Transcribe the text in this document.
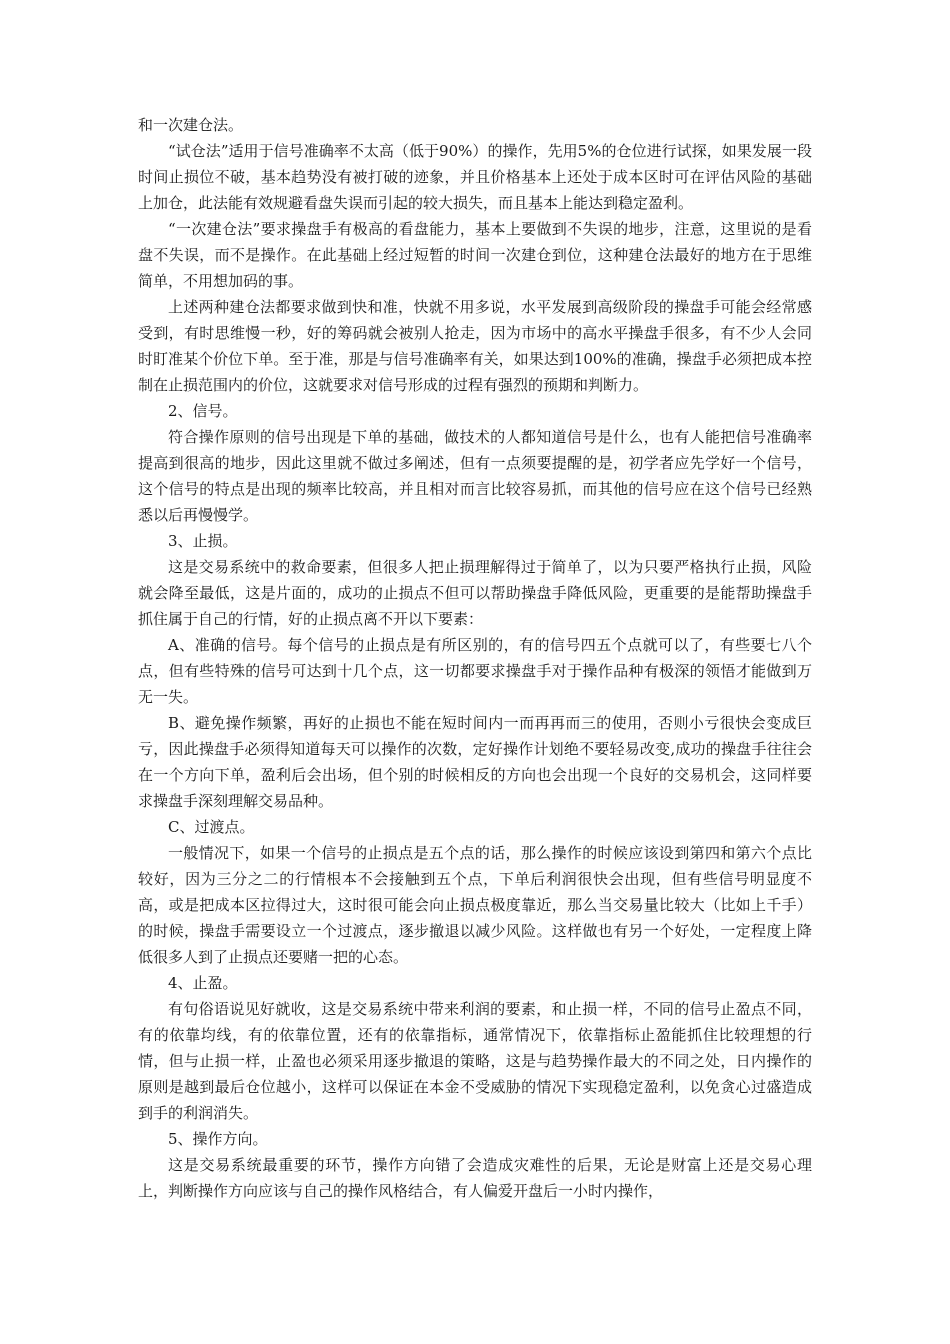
和一次建仓法。

“试仓法”适用于信号准确率不太高（低于90%）的操作，先用5%的仓位进行试探，如果发展一段时间止损位不破，基本趋势没有被打破的迹象，并且价格基本上还处于成本区时可在评估风险的基础上加仓，此法能有效规避看盘失误而引起的较大损失，而且基本上能达到稳定盈利。

“一次建仓法”要求操盘手有极高的看盘能力，基本上要做到不失误的地步，注意，这里说的是看盘不失误，而不是操作。在此基础上经过短暂的时间一次建仓到位，这种建仓法最好的地方在于思维简单，不用想加码的事。

上述两种建仓法都要求做到快和准，快就不用多说，水平发展到高级阶段的操盘手可能会经常感受到，有时思维慢一秒，好的筹码就会被别人抢走，因为市场中的高水平操盘手很多，有不少人会同时盯准某个价位下单。至于准，那是与信号准确率有关，如果达到100%的准确，操盘手必须把成本控制在止损范围内的价位，这就要求对信号形成的过程有强烈的预期和判断力。

2、信号。

符合操作原则的信号出现是下单的基础，做技术的人都知道信号是什么，也有人能把信号准确率提高到很高的地步，因此这里就不做过多阐述，但有一点须要提醒的是，初学者应先学好一个信号，这个信号的特点是出现的频率比较高，并且相对而言比较容易抓，而其他的信号应在这个信号已经熟悉以后再慢慢学。

3、止损。

这是交易系统中的救命要素，但很多人把止损理解得过于简单了，以为只要严格执行止损，风险就会降至最低，这是片面的，成功的止损点不但可以帮助操盘手降低风险，更重要的是能帮助操盘手抓住属于自己的行情，好的止损点离不开以下要素：

A、准确的信号。每个信号的止损点是有所区别的，有的信号四五个点就可以了，有些要七八个点，但有些特殊的信号可达到十几个点，这一切都要求操盘手对于操作品种有极深的领悟才能做到万无一失。

B、避免操作频繁，再好的止损也不能在短时间内一而再再而三的使用，否则小亏很快会变成巨亏，因此操盘手必须得知道每天可以操作的次数，定好操作计划绝不要轻易改变,成功的操盘手往往会在一个方向下单，盈利后会出场，但个别的时候相反的方向也会出现一个良好的交易机会，这同样要求操盘手深刻理解交易品种。

C、过渡点。

一般情况下，如果一个信号的止损点是五个点的话，那么操作的时候应该设到第四和第六个点比较好，因为三分之二的行情根本不会接触到五个点，下单后利润很快会出现，但有些信号明显度不高，或是把成本区拉得过大，这时很可能会向止损点极度靠近，那么当交易量比较大（比如上千手）的时候，操盘手需要设立一个过渡点，逐步撤退以减少风险。这样做也有另一个好处，一定程度上降低很多人到了止损点还要赌一把的心态。

4、止盈。

有句俗语说见好就收，这是交易系统中带来利润的要素，和止损一样，不同的信号止盈点不同，有的依靠均线，有的依靠位置，还有的依靠指标，通常情况下，依靠指标止盈能抓住比较理想的行情，但与止损一样，止盈也必须采用逐步撤退的策略，这是与趋势操作最大的不同之处，日内操作的原则是越到最后仓位越小，这样可以保证在本金不受威胁的情况下实现稳定盈利，以免贪心过盛造成到手的利润消失。

5、操作方向。

这是交易系统最重要的环节，操作方向错了会造成灾难性的后果，无论是财富上还是交易心理上，判断操作方向应该与自己的操作风格结合，有人偏爱开盘后一小时内操作，
